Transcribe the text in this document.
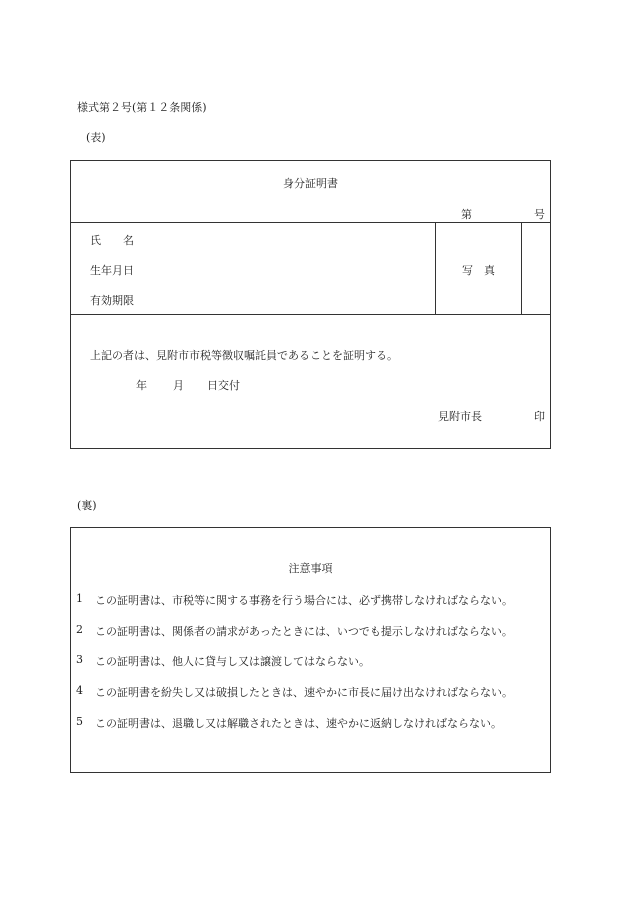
様式第２号(第１２条関係)
(表)
身分証明書
第	号
氏　　名
生年月日
有効期限
写　真
上記の者は、見附市市税等徴収嘱託員であることを証明する。
年 月 日交付
見附市長	印
(裏)
注意事項
1 この証明書は、市税等に関する事務を行う場合には、必ず携帯しなければならない。
2 この証明書は、関係者の請求があったときには、いつでも提示しなければならない。
3 この証明書は、他人に貸与し又は譲渡してはならない。
4 この証明書を紛失し又は破損したときは、速やかに市長に届け出なければならない。
5 この証明書は、退職し又は解職されたときは、速やかに返納しなければならない。
